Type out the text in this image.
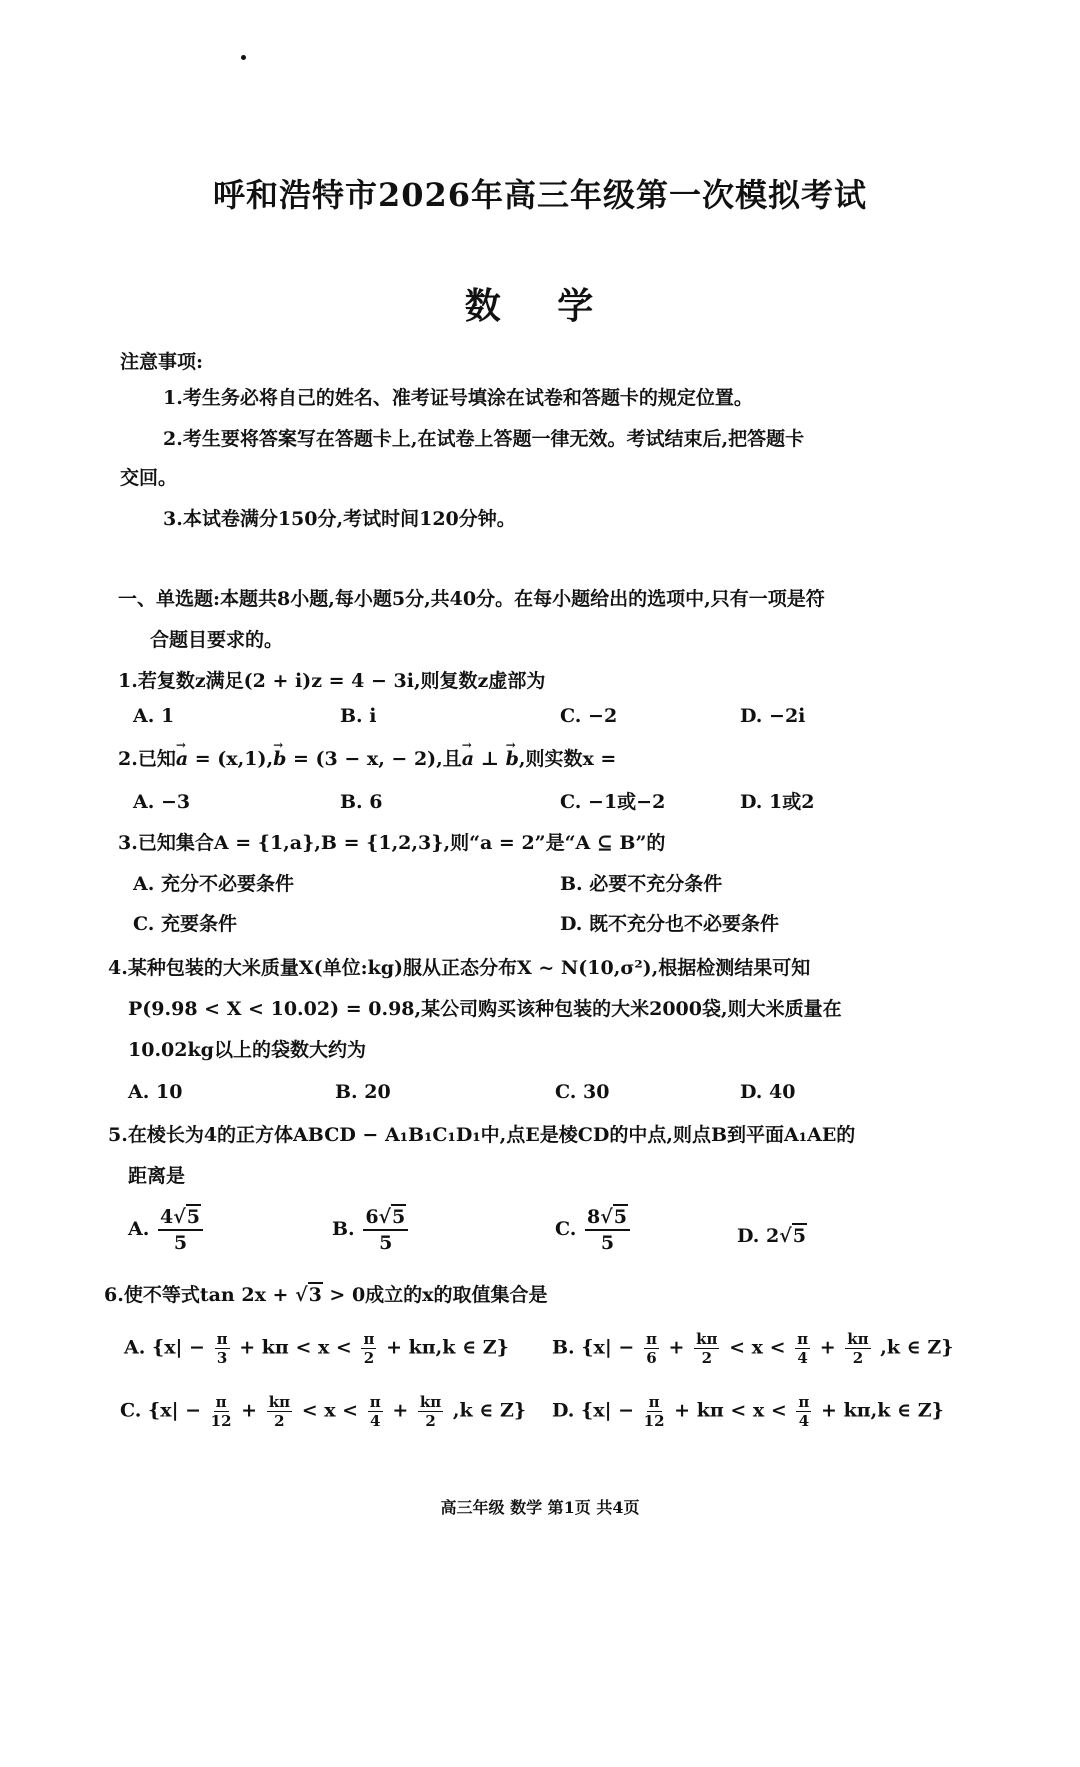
呼和浩特市2026年高三年级第一次模拟考试
数 学
注意事项:
1.考生务必将自己的姓名、准考证号填涂在试卷和答题卡的规定位置。
2.考生要将答案写在答题卡上,在试卷上答题一律无效。考试结束后,把答题卡
交回。
3.本试卷满分150分,考试时间120分钟。
一、单选题:本题共8小题,每小题5分,共40分。在每小题给出的选项中,只有一项是符
合题目要求的。
1.若复数z满足(2 + i)z = 4 − 3i,则复数z虚部为
A. 1	B. i	C. −2	D. −2i
2.已知a → = (x,1),b → = (3 − x, − 2),且a → ⊥ b →,则实数x =
A. −3	B. 6	C. −1或−2	D. 1或2
3.已知集合A = {1,a},B = {1,2,3},则“a = 2”是“A ⊆ B”的
A. 充分不必要条件	B. 必要不充分条件
C. 充要条件	D. 既不充分也不必要条件
4.某种包装的大米质量X(单位:kg)服从正态分布X ~ N(10,σ²),根据检测结果可知
P(9.98 < X < 10.02) = 0.98,某公司购买该种包装的大米2000袋,则大米质量在
10.02kg以上的袋数大约为
A. 10	B. 20	C. 30	D. 40
5.在棱长为4的正方体ABCD − A₁B₁C₁D₁中,点E是棱CD的中点,则点B到平面A₁AE的
距离是
A. $\frac{4√5}{5}$	B. $\frac{6√5}{5}$	C. $\frac{8√5}{5}$	D. 2√5
6.使不等式tan 2x + √3 > 0成立的x的取值集合是
A. {$x| - \frac{\pi}{3} + k\pi < x < \frac{\pi}{2} + k\pi,k$ ∈ Z} B. {$x| - \frac{\pi}{6} + \frac{k\pi}{2} < x < \frac{\pi}{4} + \frac{k\pi}{2} ,k$ ∈ Z}
C. {$x| - \frac{\pi}{12} + \frac{k\pi}{2} < x < \frac{\pi}{4} + \frac{k\pi}{2} ,k$ ∈ Z} D. {$x| - \frac{\pi}{12} + k\pi < x < \frac{\pi}{4} + k\pi,k$ ∈ Z}
高三年级 数学 第1页 共4页
